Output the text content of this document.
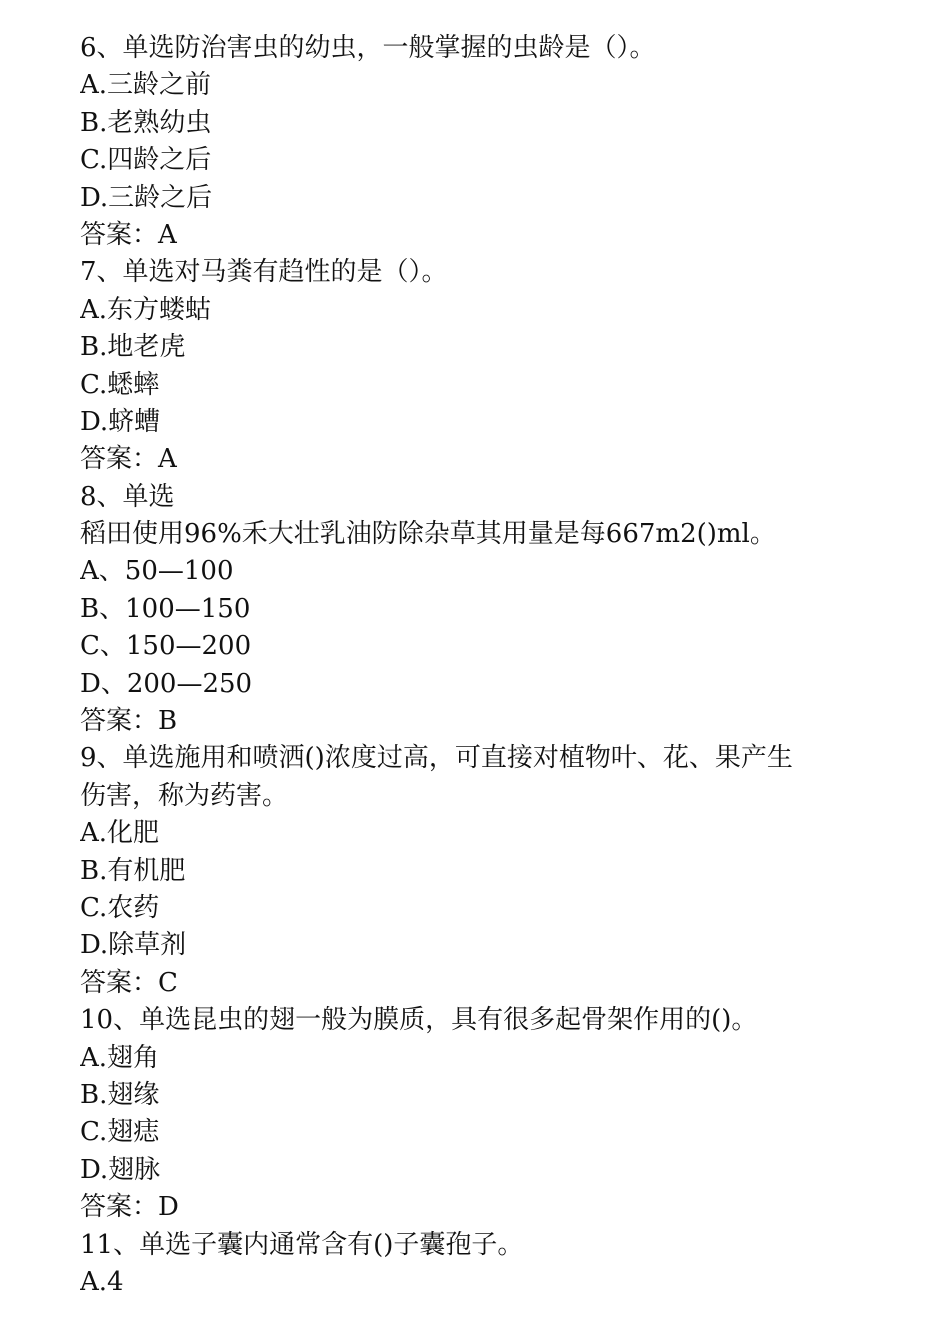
6、单选防治害虫的幼虫，一般掌握的虫龄是（）。
A.三龄之前
B.老熟幼虫
C.四龄之后
D.三龄之后
答案：A
7、单选对马粪有趋性的是（）。
A.东方蝼蛄
B.地老虎
C.蟋蟀
D.蛴螬
答案：A
8、单选
稻田使用96%禾大壮乳油防除杂草其用量是每667m2()ml。
A、50—100
B、100—150
C、150—200
D、200—250
答案：B
9、单选施用和喷洒()浓度过高，可直接对植物叶、花、果产生
伤害，称为药害。
A.化肥
B.有机肥
C.农药
D.除草剂
答案：C
10、单选昆虫的翅一般为膜质，具有很多起骨架作用的()。
A.翅角
B.翅缘
C.翅痣
D.翅脉
答案：D
11、单选子囊内通常含有()子囊孢子。
A.4
